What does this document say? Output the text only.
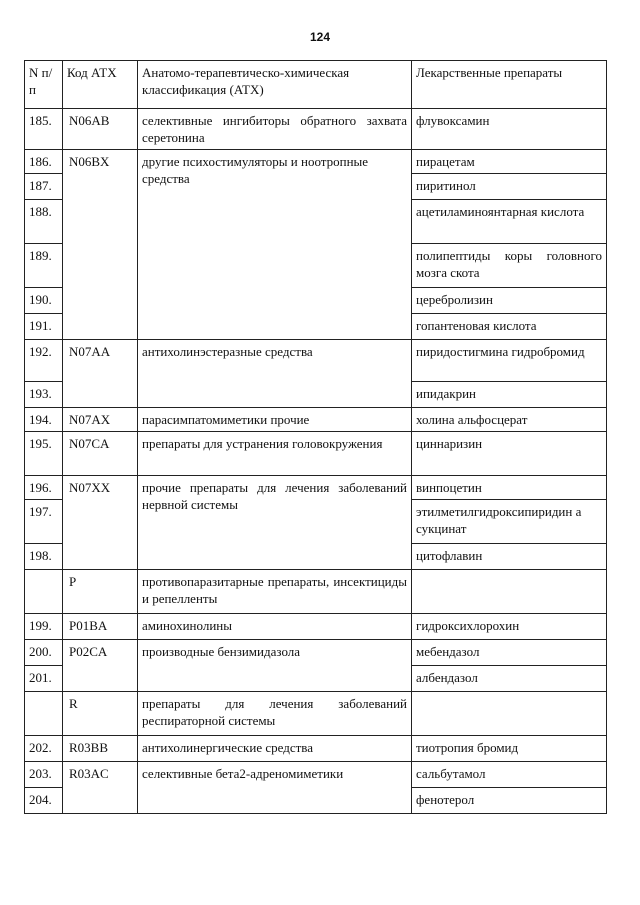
124
N п/п	Код АТХ	Анатомо-терапевтическо-химическая классификация (АТХ)	Лекарственные препараты
185.	N06AB	селективные ингибиторы обратного захвата серетонина	флувоксамин
186.	N06BX	другие психостимуляторы и ноотропные средства	пирацетам
187.			пиритинол
188.			ацетиламиноянтарная кислота
189.			полипептиды коры головного мозга скота
190.			церебролизин
191.			гопантеновая кислота
192.	N07AA	антихолинэстеразные средства	пиридостигмина гидробромид
193.			ипидакрин
194.	N07AX	парасимпатомиметики прочие	холина альфосцерат
195.	N07CA	препараты для устранения головокружения	циннаризин
196.	N07XX	прочие препараты для лечения заболеваний нервной системы	винпоцетин
197.			этилметилгидроксипиридин а сукцинат
198.			цитофлавин
	P	противопаразитарные препараты, инсектициды и репелленты	
199.	P01BA	аминохинолины	гидроксихлорохин
200.	P02CA	производные бензимидазола	мебендазол
201.			албендазол
	R	препараты для лечения заболеваний респираторной системы	
202.	R03BB	антихолинергические средства	тиотропия бромид
203.	R03AC	селективные бета2-адреномиметики	сальбутамол
204.			фенотерол
